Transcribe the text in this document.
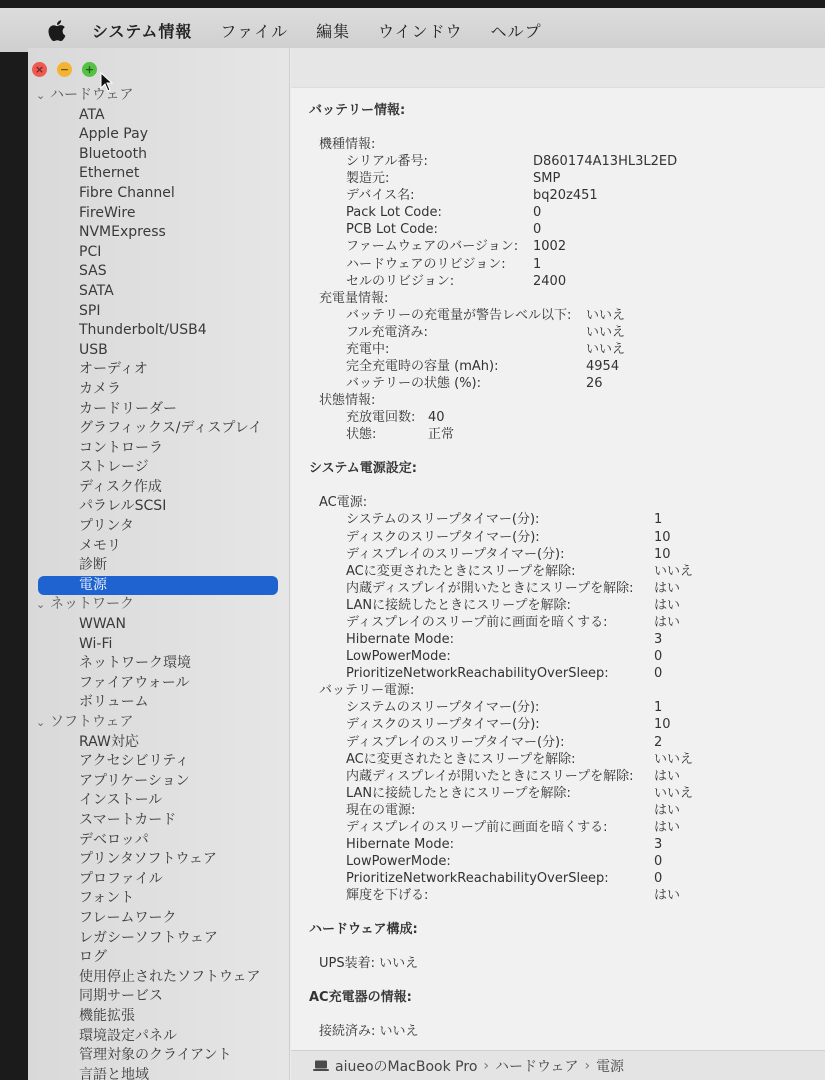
システム情報 ファイル 編集 ウインドウ ヘルプ
× − +
⌄ ハードウェア
ATA
Apple Pay
Bluetooth
Ethernet
Fibre Channel
FireWire
NVMExpress
PCI
SAS
SATA
SPI
Thunderbolt/USB4
USB
オーディオ
カメラ
カードリーダー
グラフィックス/ディスプレイ
コントローラ
ストレージ
ディスク作成
パラレルSCSI
プリンタ
メモリ
診断
電源
⌄ ネットワーク
WWAN
Wi-Fi
ネットワーク環境
ファイアウォール
ボリューム
⌄ ソフトウェア
RAW対応
アクセシビリティ
アプリケーション
インストール
スマートカード
デベロッパ
プリンタソフトウェア
プロファイル
フォント
フレームワーク
レガシーソフトウェア
ログ
使用停止されたソフトウェア
同期サービス
機能拡張
環境設定パネル
管理対象のクライアント
言語と地域
バッテリー情報:
機種情報:
シリアル番号:	D860174A13HL3L2ED
製造元:	SMP
デバイス名:	bq20z451
Pack Lot Code:	0
PCB Lot Code:	0
ファームウェアのバージョン: 1002
ハードウェアのリビジョン: 1
セルのリビジョン:	2400
充電量情報:
バッテリーの充電量が警告レベル以下: いいえ
フル充電済み:	いいえ
充電中:	いいえ
完全充電時の容量 (mAh):	4954
バッテリーの状態 (%):	26
状態情報:
充放電回数: 40
状態:	正常
システム電源設定:
AC電源:
システムのスリープタイマー(分):	1
ディスクのスリープタイマー(分):	10
ディスプレイのスリープタイマー(分):	10
ACに変更されたときにスリープを解除:	いいえ
内蔵ディスプレイが開いたときにスリープを解除: はい
LANに接続したときにスリープを解除:	はい
ディスプレイのスリープ前に画面を暗くする:	はい
Hibernate Mode:	3
LowPowerMode:	0
PrioritizeNetworkReachabilityOverSleep:	0
バッテリー電源:
システムのスリープタイマー(分):	1
ディスクのスリープタイマー(分):	10
ディスプレイのスリープタイマー(分):	2
ACに変更されたときにスリープを解除:	いいえ
内蔵ディスプレイが開いたときにスリープを解除: はい
LANに接続したときにスリープを解除:	いいえ
現在の電源:	はい
ディスプレイのスリープ前に画面を暗くする:	はい
Hibernate Mode:	3
LowPowerMode:	0
PrioritizeNetworkReachabilityOverSleep:	0
輝度を下げる:	はい
ハードウェア構成:
UPS装着: いいえ
AC充電器の情報:
接続済み: いいえ
aiueoのMacBook Pro › ハードウェア › 電源
